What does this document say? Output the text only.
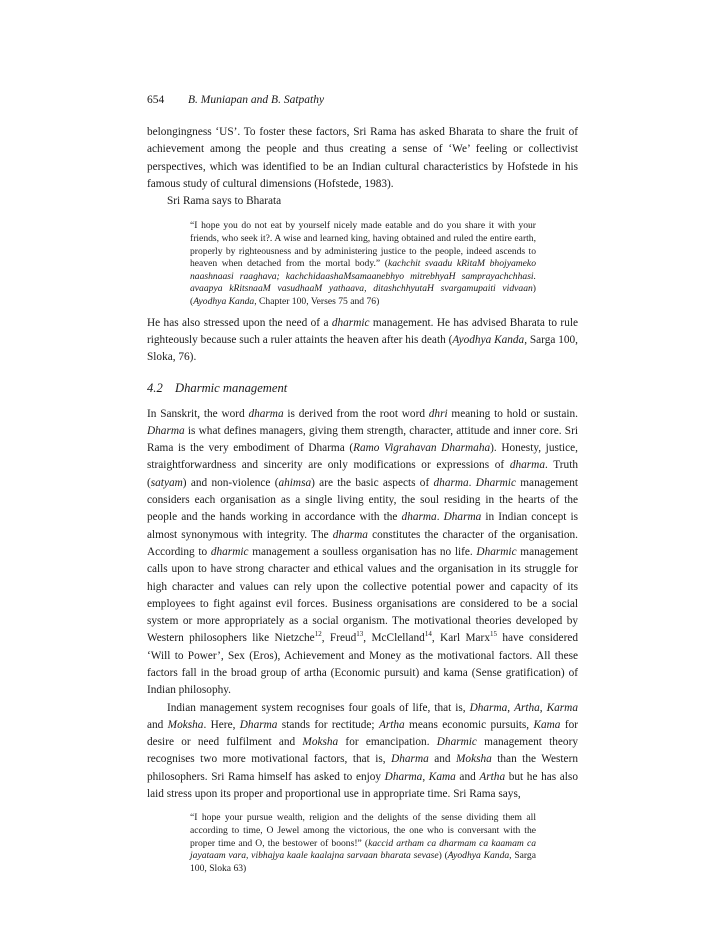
654 B. Muniapan and B. Satpathy

belongingness ‘US’. To foster these factors, Sri Rama has asked Bharata to share the fruit of achievement among the people and thus creating a sense of ‘We’ feeling or collectivist perspectives, which was identified to be an Indian cultural characteristics by Hofstede in his famous study of cultural dimensions (Hofstede, 1983).

Sri Rama says to Bharata

“I hope you do not eat by yourself nicely made eatable and do you share it with your friends, who seek it?. A wise and learned king, having obtained and ruled the entire earth, properly by righteousness and by administering justice to the people, indeed ascends to heaven when detached from the mortal body.” (kachchit svaadu kRitaM bhojyameko naashnaasi raaghava; kachchidaashaMsamaanebhyo mitrebhyaH samprayachchhasi. avaapya kRitsnaaM vasudhaaM yathaava, ditashchhyutaH svargamupaiti vidvaan) (Ayodhya Kanda, Chapter 100, Verses 75 and 76)

He has also stressed upon the need of a dharmic management. He has advised Bharata to rule righteously because such a ruler attaints the heaven after his death (Ayodhya Kanda, Sarga 100, Sloka, 76).

4.2 Dharmic management

In Sanskrit, the word dharma is derived from the root word dhri meaning to hold or sustain. Dharma is what defines managers, giving them strength, character, attitude and inner core. Sri Rama is the very embodiment of Dharma (Ramo Vigrahavan Dharmaha). Honesty, justice, straightforwardness and sincerity are only modifications or expressions of dharma. Truth (satyam) and non-violence (ahimsa) are the basic aspects of dharma. Dharmic management considers each organisation as a single living entity, the soul residing in the hearts of the people and the hands working in accordance with the dharma. Dharma in Indian concept is almost synonymous with integrity. The dharma constitutes the character of the organisation. According to dharmic management a soulless organisation has no life. Dharmic management calls upon to have strong character and ethical values and the organisation in its struggle for high character and values can rely upon the collective potential power and capacity of its employees to fight against evil forces. Business organisations are considered to be a social system or more appropriately as a social organism. The motivational theories developed by Western philosophers like Nietzche$^{12}$, Freud$^{13}$, McClelland$^{14}$, Karl Marx$^{15}$ have considered ‘Will to Power’, Sex (Eros), Achievement and Money as the motivational factors. All these factors fall in the broad group of artha (Economic pursuit) and kama (Sense gratification) of Indian philosophy.

Indian management system recognises four goals of life, that is, Dharma, Artha, Karma and Moksha. Here, Dharma stands for rectitude; Artha means economic pursuits, Kama for desire or need fulfilment and Moksha for emancipation. Dharmic management theory recognises two more motivational factors, that is, Dharma and Moksha than the Western philosophers. Sri Rama himself has asked to enjoy Dharma, Kama and Artha but he has also laid stress upon its proper and proportional use in appropriate time. Sri Rama says,

“I hope your pursue wealth, religion and the delights of the sense dividing them all according to time, O Jewel among the victorious, the one who is conversant with the proper time and O, the bestower of boons!” (kaccid artham ca dharmam ca kaamam ca jayataam vara, vibhajya kaale kaalajna sarvaan bharata sevase) (Ayodhya Kanda, Sarga 100, Sloka 63)
